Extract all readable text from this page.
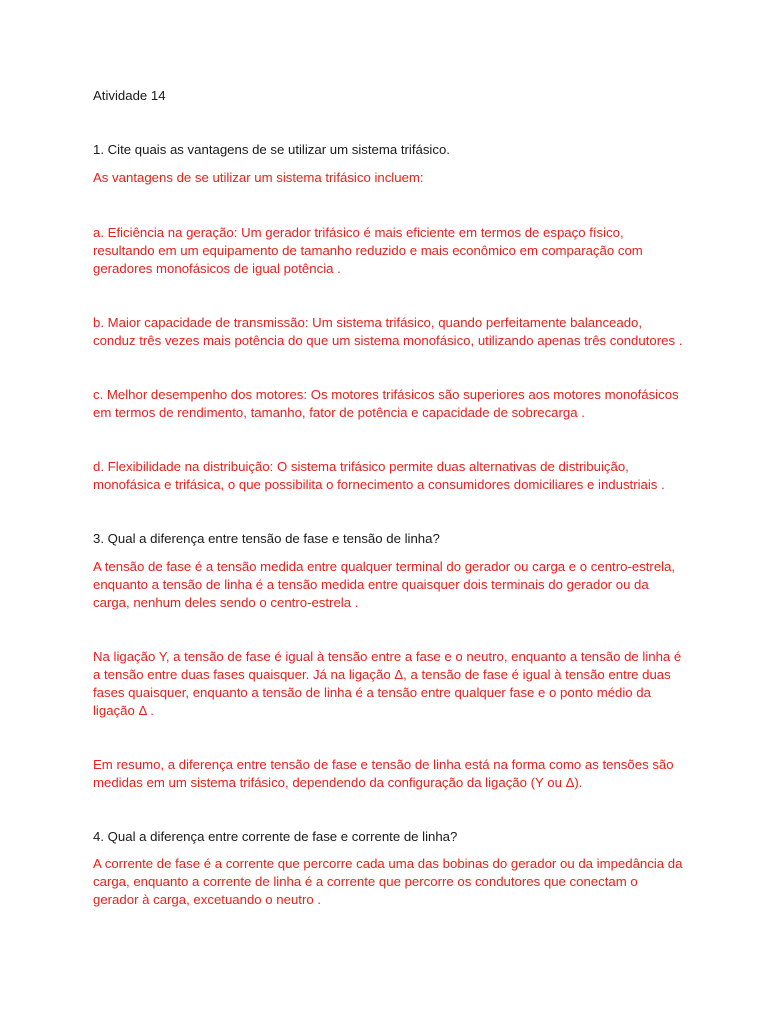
Atividade 14

1. Cite quais as vantagens de se utilizar um sistema trifásico.

As vantagens de se utilizar um sistema trifásico incluem:

a. Eficiência na geração: Um gerador trifásico é mais eficiente em termos de espaço físico, resultando em um equipamento de tamanho reduzido e mais econômico em comparação com geradores monofásicos de igual potência .

b. Maior capacidade de transmissão: Um sistema trifásico, quando perfeitamente balanceado, conduz três vezes mais potência do que um sistema monofásico, utilizando apenas três condutores .

c. Melhor desempenho dos motores: Os motores trifásicos são superiores aos motores monofásicos em termos de rendimento, tamanho, fator de potência e capacidade de sobrecarga .

d. Flexibilidade na distribuição: O sistema trifásico permite duas alternativas de distribuição, monofásica e trifásica, o que possibilita o fornecimento a consumidores domiciliares e industriais .

3. Qual a diferença entre tensão de fase e tensão de linha?

A tensão de fase é a tensão medida entre qualquer terminal do gerador ou carga e o centro-estrela, enquanto a tensão de linha é a tensão medida entre quaisquer dois terminais do gerador ou da carga, nenhum deles sendo o centro-estrela .

Na ligação Y, a tensão de fase é igual à tensão entre a fase e o neutro, enquanto a tensão de linha é a tensão entre duas fases quaisquer. Já na ligação Δ, a tensão de fase é igual à tensão entre duas fases quaisquer, enquanto a tensão de linha é a tensão entre qualquer fase e o ponto médio da ligação Δ .

Em resumo, a diferença entre tensão de fase e tensão de linha está na forma como as tensões são medidas em um sistema trifásico, dependendo da configuração da ligação (Y ou Δ).

4. Qual a diferença entre corrente de fase e corrente de linha?

A corrente de fase é a corrente que percorre cada uma das bobinas do gerador ou da impedância da carga, enquanto a corrente de linha é a corrente que percorre os condutores que conectam o gerador à carga, excetuando o neutro .
